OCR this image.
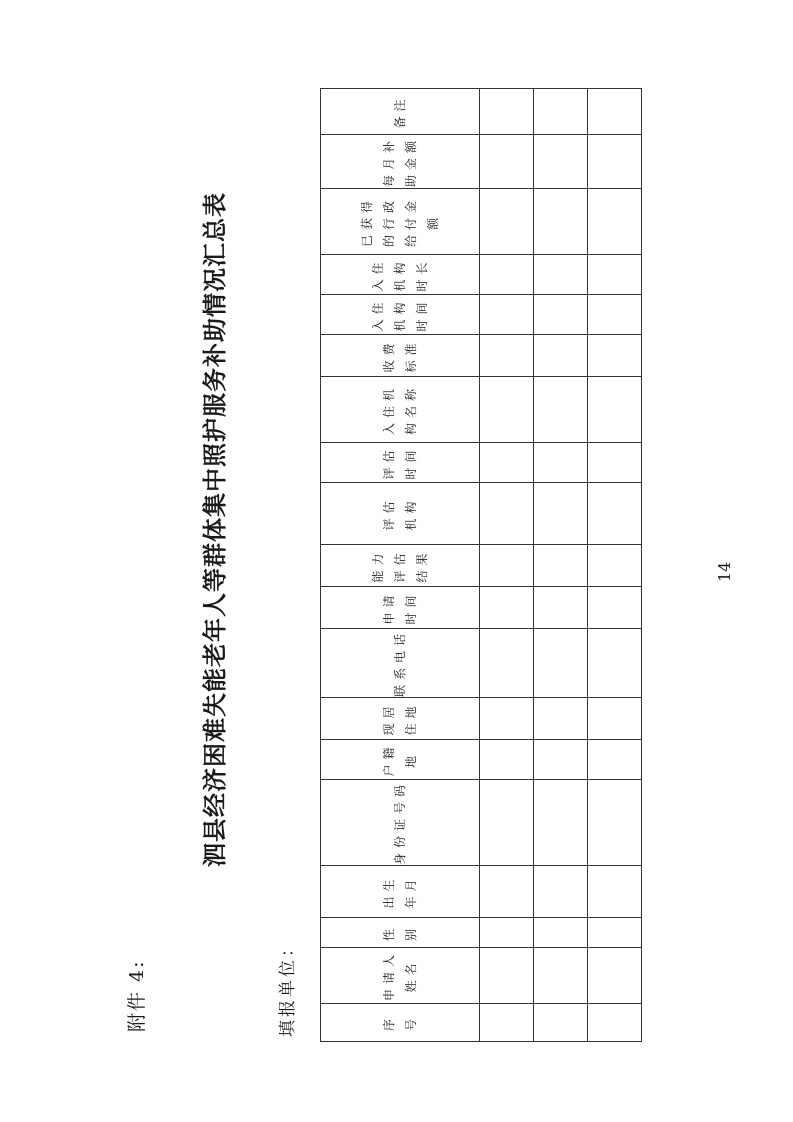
附件 4:
泗县经济困难失能老年人等群体集中照护服务补助情况汇总表
填报单位：	序 号	申请人 姓名	性 别	出生 年月	身份证号码	户籍 地	现居 住地	联系电话	申请 时间	能力 评估 结果	评估 机构	评估 时间	入住机 构名称	收费 标准	入住 机构 时间	入住 机构 时长	已获得 的行政 给付金 额	每月补 助金额	备注

14
